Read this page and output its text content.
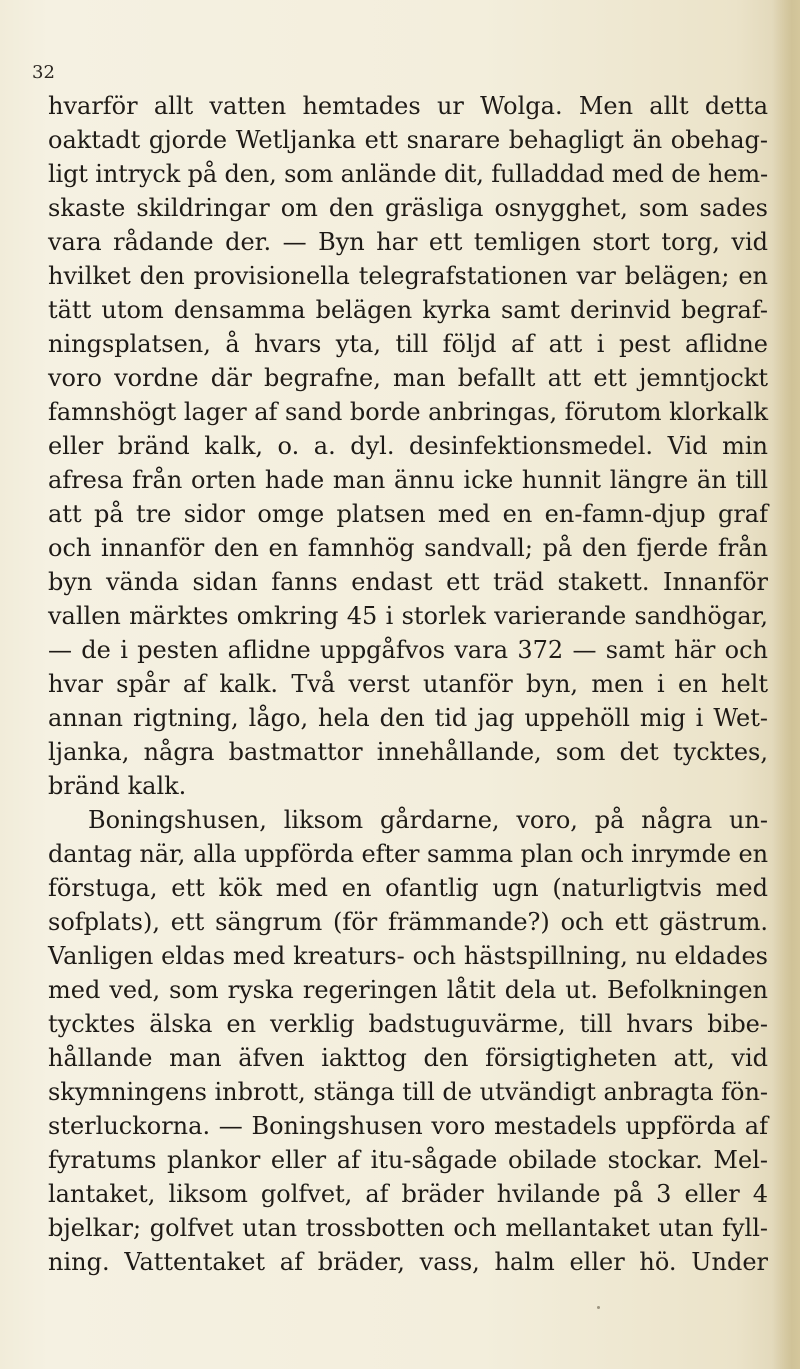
32

hvarför allt vatten hemtades ur Wolga. Men allt detta
oaktadt gjorde Wetljanka ett snarare behagligt än obehag-
ligt intryck på den, som anlände dit, fulladdad med de hem-
skaste skildringar om den gräsliga osnygghet, som sades
vara rådande der. — Byn har ett temligen stort torg, vid
hvilket den provisionella telegrafstationen var belägen; en
tätt utom densamma belägen kyrka samt derinvid begraf-
ningsplatsen, å hvars yta, till följd af att i pest aflidne
voro vordne där begrafne, man befallt att ett jemntjockt
famnshögt lager af sand borde anbringas, förutom klorkalk
eller bränd kalk, o. a. dyl. desinfektionsmedel. Vid min
afresa från orten hade man ännu icke hunnit längre än till
att på tre sidor omge platsen med en en-famn-djup graf
och innanför den en famnhög sandvall; på den fjerde från
byn vända sidan fanns endast ett träd stakett. Innanför
vallen märktes omkring 45 i storlek varierande sandhögar,
— de i pesten aflidne uppgåfvos vara 372 — samt här och
hvar spår af kalk. Två verst utanför byn, men i en helt
annan rigtning, lågo, hela den tid jag uppehöll mig i Wet-
ljanka, några bastmattor innehållande, som det tycktes,
bränd kalk.
Boningshusen, liksom gårdarne, voro, på några un-
dantag när, alla uppförda efter samma plan och inrymde en
förstuga, ett kök med en ofantlig ugn (naturligtvis med
sofplats), ett sängrum (för främmande?) och ett gästrum.
Vanligen eldas med kreaturs- och hästspillning, nu eldades
med ved, som ryska regeringen låtit dela ut. Befolkningen
tycktes älska en verklig badstuguvärme, till hvars bibe-
hållande man äfven iakttog den försigtigheten att, vid
skymningens inbrott, stänga till de utvändigt anbragta fön-
sterluckorna. — Boningshusen voro mestadels uppförda af
fyratums plankor eller af itu-sågade obilade stockar. Mel-
lantaket, liksom golfvet, af bräder hvilande på 3 eller 4
bjelkar; golfvet utan trossbotten och mellantaket utan fyll-
ning. Vattentaket af bräder, vass, halm eller hö. Under
